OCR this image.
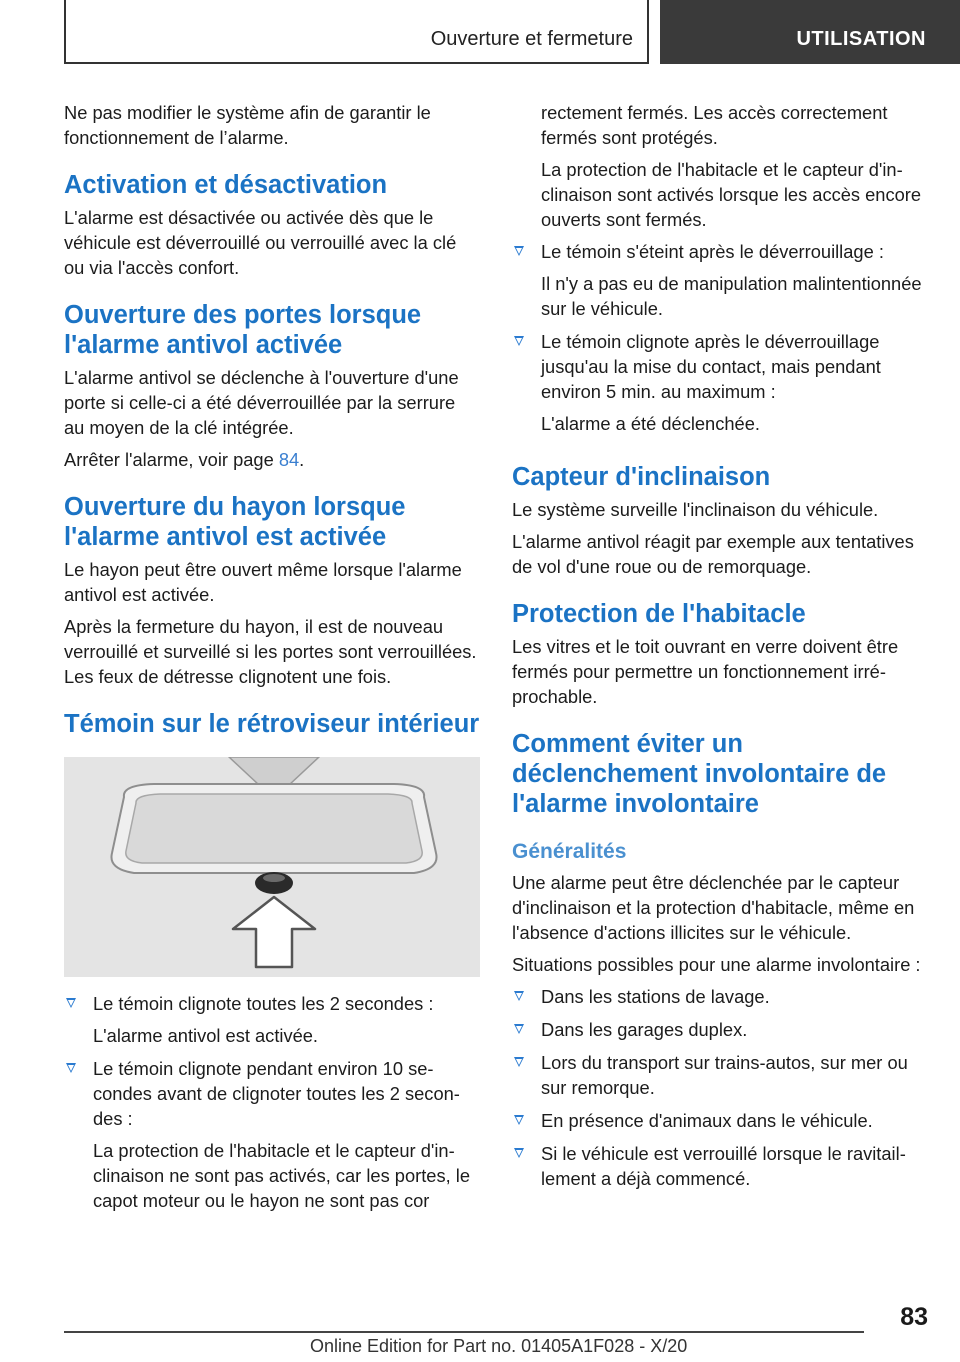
Ouverture et fermeture	UTILISATION

Ne pas modifier le système afin de garantir le fonctionnement de l’alarme.

Activation et désactivation

L'alarme est désactivée ou activée dès que le véhicule est déverrouillé ou verrouillé avec la clé ou via l'accès confort.

Ouverture des portes lorsque l'alarme antivol activée

L'alarme antivol se déclenche à l'ouverture d'une porte si celle-ci a été déverrouillée par la serrure au moyen de la clé intégrée.

Arrêter l'alarme, voir page 84.

Ouverture du hayon lorsque l'alarme antivol est activée

Le hayon peut être ouvert même lorsque l'alarme antivol est activée.

Après la fermeture du hayon, il est de nouveau verrouillé et surveillé si les portes sont verrouillées. Les feux de détresse clignotent une fois.

Témoin sur le rétroviseur intérieur

Le témoin clignote toutes les 2 secondes :

L'alarme antivol est activée.

Le témoin clignote pendant environ 10 secondes avant de clignoter toutes les 2 secondes :

La protection de l'habitacle et le capteur d'inclinaison ne sont pas activés, car les portes, le capot moteur ou le hayon ne sont pas cor

rectement fermés. Les accès correctement fermés sont protégés.

La protection de l'habitacle et le capteur d'inclinaison sont activés lorsque les accès encore ouverts sont fermés.

Le témoin s'éteint après le déverrouillage :

Il n'y a pas eu de manipulation malintentionnée sur le véhicule.

Le témoin clignote après le déverrouillage jusqu'au la mise du contact, mais pendant environ 5 min. au maximum :

L'alarme a été déclenchée.

Capteur d'inclinaison

Le système surveille l'inclinaison du véhicule.

L'alarme antivol réagit par exemple aux tentatives de vol d'une roue ou de remorquage.

Protection de l'habitacle

Les vitres et le toit ouvrant en verre doivent être fermés pour permettre un fonctionnement irréprochable.

Comment éviter un déclenchement involontaire de l'alarme involontaire
Généralités

Une alarme peut être déclenchée par le capteur d'inclinaison et la protection d'habitacle, même en l'absence d'actions illicites sur le véhicule.

Situations possibles pour une alarme involontaire :

Dans les stations de lavage.

Dans les garages duplex.

Lors du transport sur trains-autos, sur mer ou sur remorque.

En présence d'animaux dans le véhicule.

Si le véhicule est verrouillé lorsque le ravitaillement a déjà commencé.

83
Online Edition for Part no. 01405A1F028 - X/20
